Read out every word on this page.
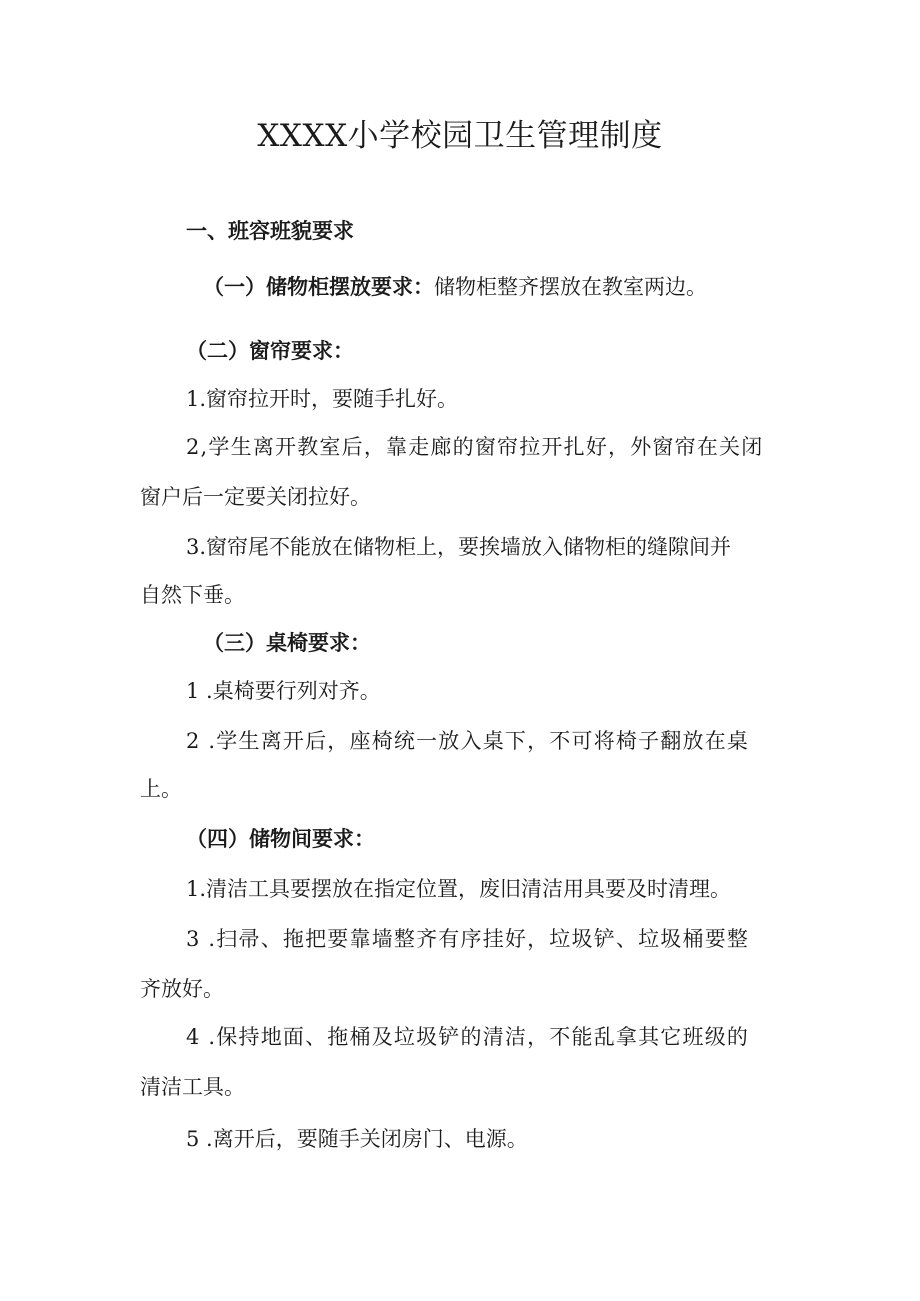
XXXX小学校园卫生管理制度

一、班容班貌要求

（一）储物柜摆放要求：储物柜整齐摆放在教室两边。

（二）窗帘要求：

1.窗帘拉开时，要随手扎好。

2,学生离开教室后，靠走廊的窗帘拉开扎好，外窗帘在关闭

窗户后一定要关闭拉好。

3.窗帘尾不能放在储物柜上，要挨墙放入储物柜的缝隙间并

自然下垂。

（三）桌椅要求：

1 .桌椅要行列对齐。

2 .学生离开后，座椅统一放入桌下，不可将椅子翻放在桌

上。

（四）储物间要求：

1.清洁工具要摆放在指定位置，废旧清洁用具要及时清理。

3 .扫帚、拖把要靠墙整齐有序挂好，垃圾铲、垃圾桶要整

齐放好。

4 .保持地面、拖桶及垃圾铲的清洁，不能乱拿其它班级的

清洁工具。

5 .离开后，要随手关闭房门、电源。
